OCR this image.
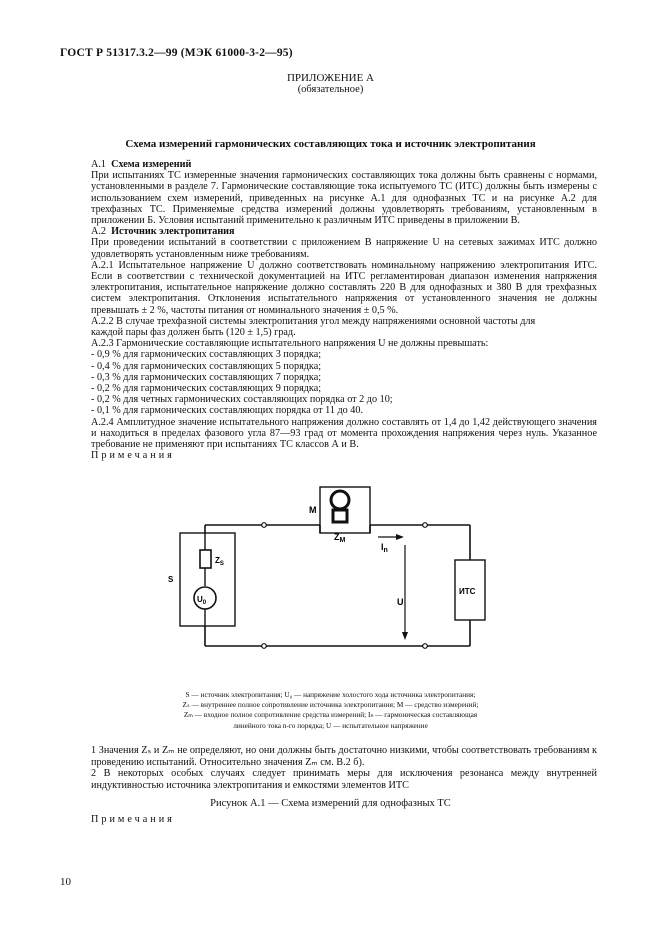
ГОСТ Р 51317.3.2—99 (МЭК 61000-3-2—95)
ПРИЛОЖЕНИЕ А
(обязательное)
Схема измерений гармонических составляющих тока и источник электропитания

А.1 Схема измерений

При испытаниях ТС измеренные значения гармонических составляющих тока должны быть сравнены с нормами, установленными в разделе 7. Гармонические составляющие тока испытуемого ТС (ИТС) должны быть измерены с использованием схем измерений, приведенных на рисунке А.1 для однофазных ТС и на рисунке А.2 для трехфазных ТС. Применяемые средства измерений должны удовлетворять требованиям, установленным в приложении Б. Условия испытаний применительно к различным ИТС приведены в приложении В.

А.2 Источник электропитания

При проведении испытаний в соответствии с приложением В напряжение U на сетевых зажимах ИТС должно удовлетворять установленным ниже требованиям.

А.2.1 Испытательное напряжение U должно соответствовать номинальному напряжению электропитания ИТС. Если в соответствии с технической документацией на ИТС регламентирован диапазон изменения напряжения электропитания, испытательное напряжение должно составлять 220 В для однофазных и 380 В для трехфазных систем электропитания. Отклонения испытательного напряжения от установленного значения не должны превышать ± 2 %, частоты питания от номинального значения ± 0,5 %.

А.2.2 В случае трехфазной системы электропитания угол между напряжениями основной частоты для

каждой пары фаз должен быть (120 ± 1,5) град.

А.2.3 Гармонические составляющие испытательного напряжения U не должны превышать:

- 0,9 % для гармонических составляющих 3 порядка;

- 0,4 % для гармонических составляющих 5 порядка;

- 0,3 % для гармонических составляющих 7 порядка;

- 0,2 % для гармонических составляющих 9 порядка;

- 0,2 % для четных гармонических составляющих порядка от 2 до 10;

- 0,1 % для гармонических составляющих порядка от 11 до 40.

А.2.4 Амплитудное значение испытательного напряжения должно составлять от 1,4 до 1,42 действующего значения и находиться в пределах фазового угла 87—93 град от момента прохождения напряжения через нуль. Указанное требование не применяют при испытаниях ТС классов А и В.

Примечания

M
$Z_M$
$I_n$
U
$Z_S$
$U_0$
S
ИТС
S — источник электропитания; U₀ — напряжение холостого хода источника электропитания;
Zₛ — внутреннее полное сопротивление источника электропитания; М — средство измерений;
Zₘ — входное полное сопротивление средства измерений; Iₙ — гармоническая составляющая
линейного тока n-го порядка; U — испытательное напряжение

1 Значения Zₛ и Zₘ не определяют, но они должны быть достаточно низкими, чтобы соответствовать требованиям к проведению испытаний. Относительно значения Zₘ см. В.2 б).

2 В некоторых особых случаях следует принимать меры для исключения резонанса между внутренней индуктивностью источника электропитания и емкостями элементов ИТС

Рисунок А.1 — Схема измерений для однофазных ТС
Примечания
10
